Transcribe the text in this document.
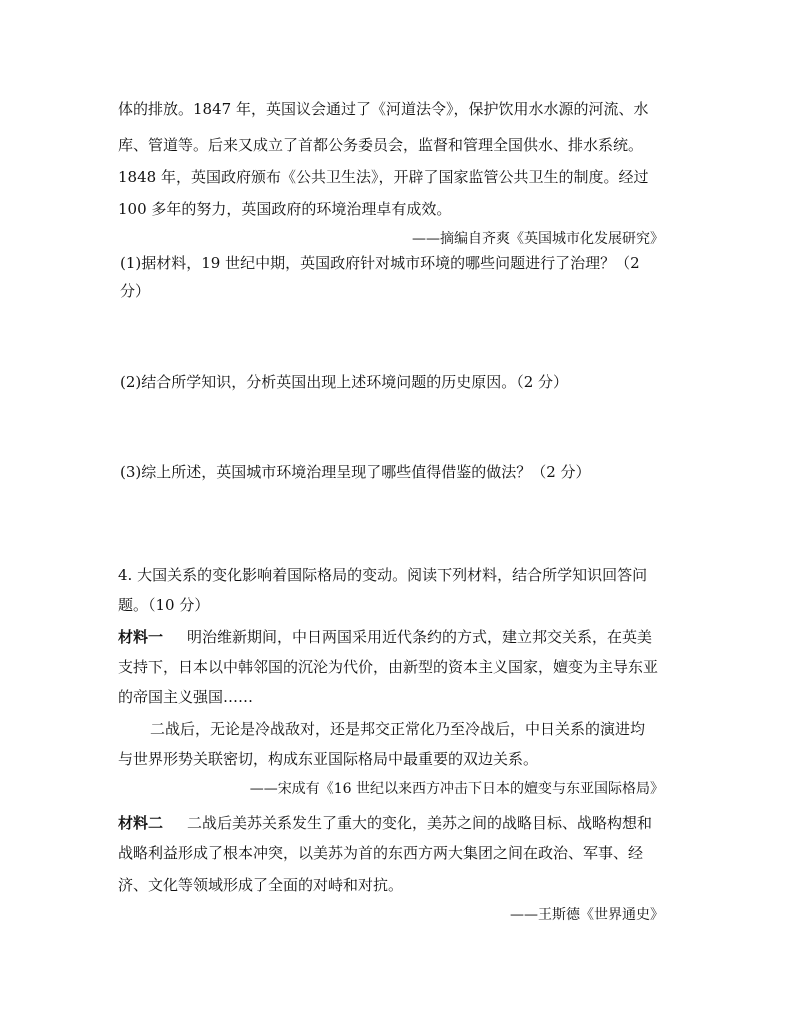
体的排放。1847 年，英国议会通过了《河道法令》，保护饮用水水源的河流、水
库、管道等。后来又成立了首都公务委员会，监督和管理全国供水、排水系统。
1848 年，英国政府颁布《公共卫生法》，开辟了国家监管公共卫生的制度。经过
100 多年的努力，英国政府的环境治理卓有成效。
——摘编自齐爽《英国城市化发展研究》
(1)据材料，19 世纪中期，英国政府针对城市环境的哪些问题进行了治理？（2
分）
(2)结合所学知识，分析英国出现上述环境问题的历史原因。（2 分）
(3)综上所述，英国城市环境治理呈现了哪些值得借鉴的做法？（2 分）
4. 大国关系的变化影响着国际格局的变动。阅读下列材料，结合所学知识回答问
题。（10 分）
材料一 明治维新期间，中日两国采用近代条约的方式，建立邦交关系，在英美
支持下，日本以中韩邻国的沉沦为代价，由新型的资本主义国家，嬗变为主导东亚
的帝国主义强国……
二战后，无论是冷战敌对，还是邦交正常化乃至冷战后，中日关系的演进均
与世界形势关联密切，构成东亚国际格局中最重要的双边关系。
——宋成有《16 世纪以来西方冲击下日本的嬗变与东亚国际格局》
材料二 二战后美苏关系发生了重大的变化，美苏之间的战略目标、战略构想和
战略利益形成了根本冲突，以美苏为首的东西方两大集团之间在政治、军事、经
济、文化等领域形成了全面的对峙和对抗。
——王斯德《世界通史》
